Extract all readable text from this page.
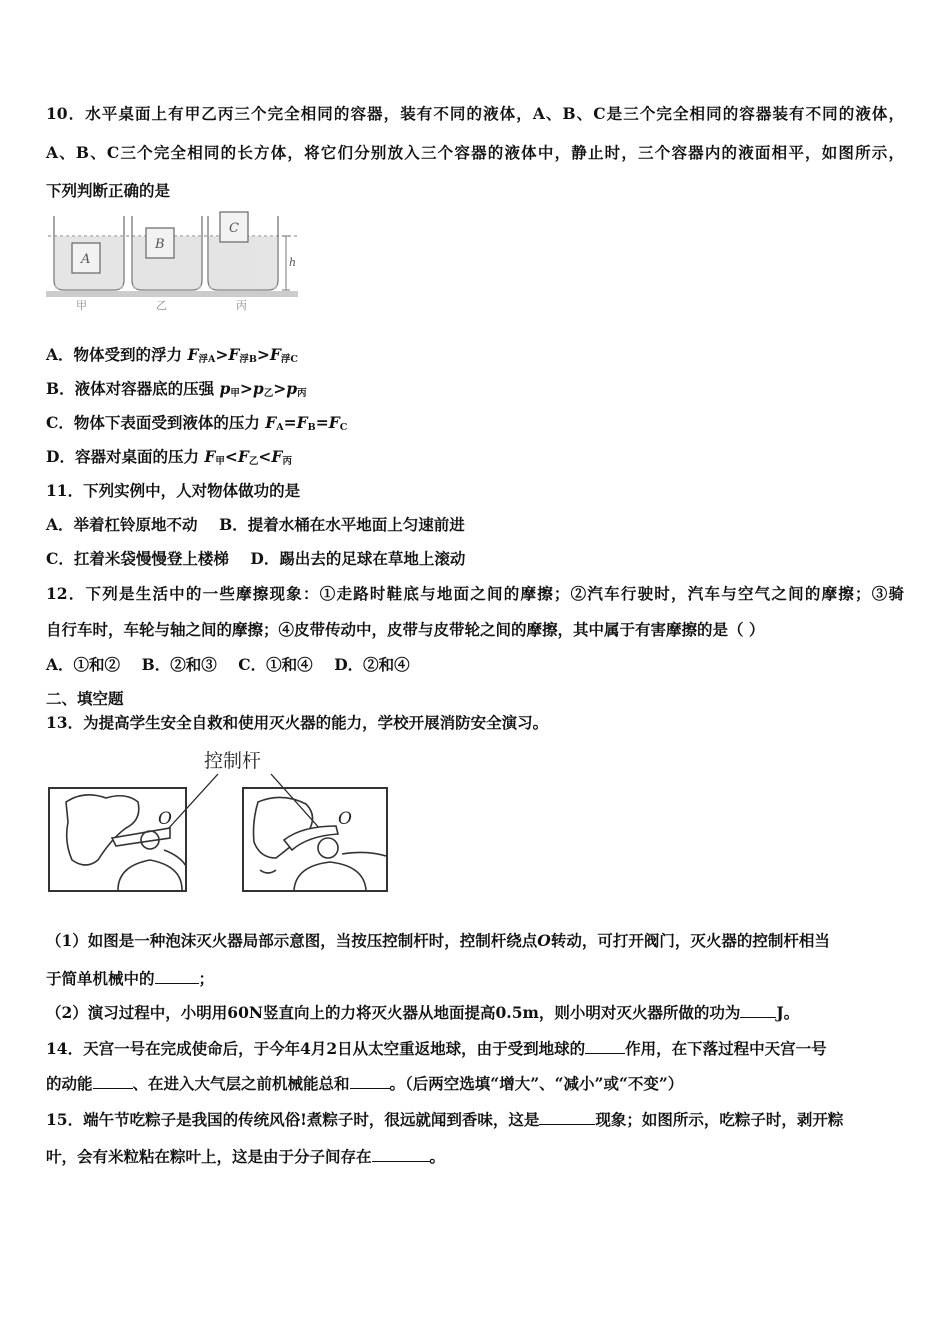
10．水平桌面上有甲乙丙三个完全相同的容器，装有不同的液体，A、B、C是三个完全相同的容器装有不同的液体，
A、B、C三个完全相同的长方体，将它们分别放入三个容器的液体中，静止时，三个容器内的液面相平，如图所示，
下列判断正确的是
A
B
C
h
甲	乙	丙
A．物体受到的浮力 $F_{浮A}>F_{浮B}>F_{浮C}$
B．液体对容器底的压强 $p_甲>p_乙>p_丙$
C．物体下表面受到液体的压力 $F_A=F_B=F_C$
D．容器对桌面的压力 $F_甲<F_乙<F_丙$
11．下列实例中，人对物体做功的是
A．举着杠铃原地不动    B．提着水桶在水平地面上匀速前进
C．扛着米袋慢慢登上楼梯    D．踢出去的足球在草地上滚动
12．下列是生活中的一些摩擦现象：①走路时鞋底与地面之间的摩擦；②汽车行驶时，汽车与空气之间的摩擦；③骑
自行车时，车轮与轴之间的摩擦；④皮带传动中，皮带与皮带轮之间的摩擦，其中属于有害摩擦的是（ ）
A．①和②    B．②和③    C．①和④    D．②和④
二、填空题
13．为提高学生安全自救和使用灭火器的能力，学校开展消防安全演习。
控制杆
O	O
（1）如图是一种泡沫灭火器局部示意图，当按压控制杆时，控制杆绕点O转动，可打开阀门，灭火器的控制杆相当
于简单机械中的	；
（2）演习过程中，小明用60N竖直向上的力将灭火器从地面提高0.5m，则小明对灭火器所做的功为 J。
14．天宫一号在完成使命后，于今年4月2日从太空重返地球，由于受到地球的	作用，在下落过程中天宫一号
的动能	、在进入大气层之前机械能总和	。（后两空选填“增大”、“减小”或“不变”）
15．端午节吃粽子是我国的传统风俗!煮粽子时，很远就闻到香味，这是	现象；如图所示，吃粽子时，剥开粽
叶，会有米粒粘在粽叶上，这是由于分子间存在	。
